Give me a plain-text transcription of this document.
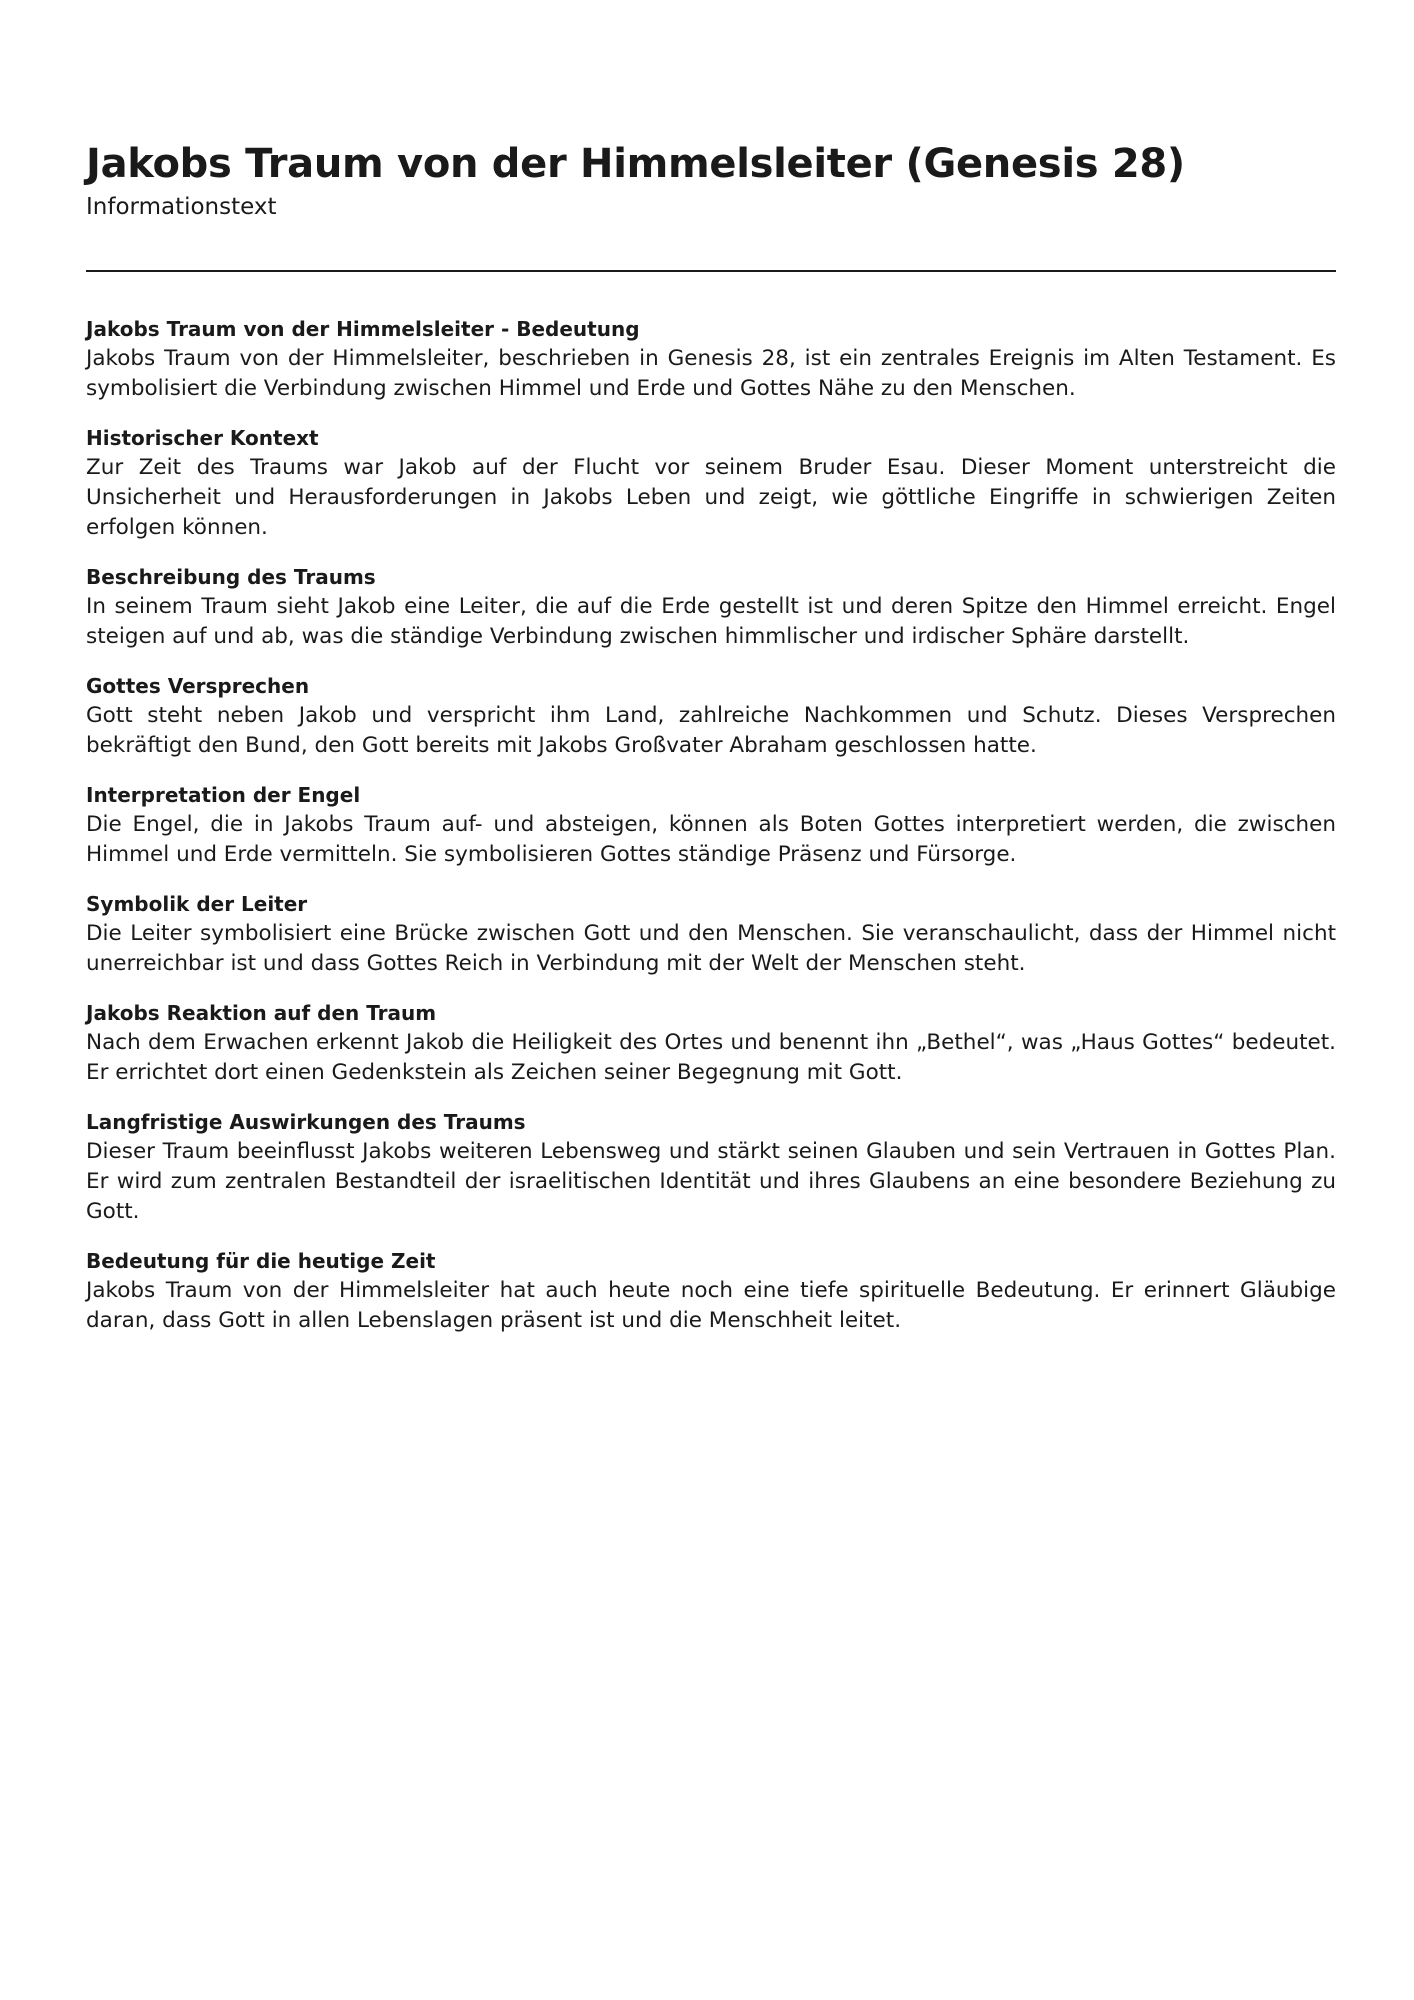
Jakobs Traum von der Himmelsleiter (Genesis 28)
Informationstext
Jakobs Traum von der Himmelsleiter - Bedeutung

Jakobs Traum von der Himmelsleiter, beschrieben in Genesis 28, ist ein zentrales Ereignis im Alten Testament. Es symbolisiert die Verbindung zwischen Himmel und Erde und Gottes Nähe zu den Menschen.

Historischer Kontext

Zur Zeit des Traums war Jakob auf der Flucht vor seinem Bruder Esau. Dieser Moment unterstreicht die Unsicherheit und Herausforderungen in Jakobs Leben und zeigt, wie göttliche Eingriffe in schwierigen Zeiten erfolgen können.

Beschreibung des Traums

In seinem Traum sieht Jakob eine Leiter, die auf die Erde gestellt ist und deren Spitze den Himmel erreicht. Engel steigen auf und ab, was die ständige Verbindung zwischen himmlischer und irdischer Sphäre darstellt.

Gottes Versprechen

Gott steht neben Jakob und verspricht ihm Land, zahlreiche Nachkommen und Schutz. Dieses Versprechen bekräftigt den Bund, den Gott bereits mit Jakobs Großvater Abraham geschlossen hatte.

Interpretation der Engel

Die Engel, die in Jakobs Traum auf- und absteigen, können als Boten Gottes interpretiert werden, die zwischen Himmel und Erde vermitteln. Sie symbolisieren Gottes ständige Präsenz und Fürsorge.

Symbolik der Leiter

Die Leiter symbolisiert eine Brücke zwischen Gott und den Menschen. Sie veranschaulicht, dass der Himmel nicht unerreichbar ist und dass Gottes Reich in Verbindung mit der Welt der Menschen steht.

Jakobs Reaktion auf den Traum

Nach dem Erwachen erkennt Jakob die Heiligkeit des Ortes und benennt ihn „Bethel“, was „Haus Gottes“ bedeutet. Er errichtet dort einen Gedenkstein als Zeichen seiner Begegnung mit Gott.

Langfristige Auswirkungen des Traums

Dieser Traum beeinflusst Jakobs weiteren Lebensweg und stärkt seinen Glauben und sein Vertrauen in Gottes Plan. Er wird zum zentralen Bestandteil der israelitischen Identität und ihres Glaubens an eine besondere Beziehung zu Gott.

Bedeutung für die heutige Zeit

Jakobs Traum von der Himmelsleiter hat auch heute noch eine tiefe spirituelle Bedeutung. Er erinnert Gläubige daran, dass Gott in allen Lebenslagen präsent ist und die Menschheit leitet.
